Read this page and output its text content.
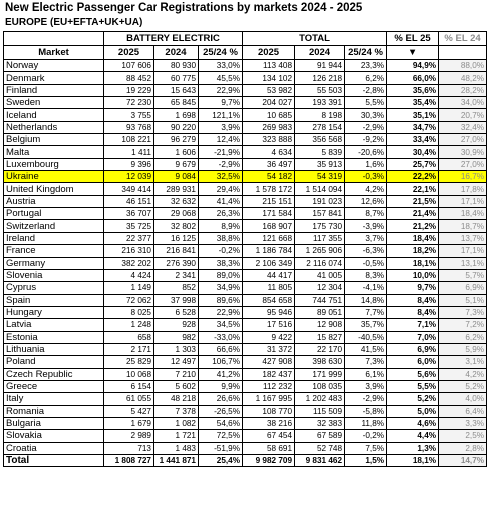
New Electric Passenger Car Registrations by markets 2024 - 2025
EUROPE (EU+EFTA+UK+UA)
	BATTERY ELECTRIC			TOTAL			% EL 25	% EL 24
Market	2025	2024	25/24 %	2025	2024	25/24 %	▼	
Norway	107 606	80 930	33,0%	113 408	91 944	23,3%	94,9%	88,0%
Denmark	88 452	60 775	45,5%	134 102	126 218	6,2%	66,0%	48,2%
Finland	19 229	15 643	22,9%	53 982	55 503	-2,8%	35,6%	28,2%
Sweden	72 230	65 845	9,7%	204 027	193 391	5,5%	35,4%	34,0%
Iceland	3 755	1 698	121,1%	10 685	8 198	30,3%	35,1%	20,7%
Netherlands	93 768	90 220	3,9%	269 983	278 154	-2,9%	34,7%	32,4%
Belgium	108 221	96 279	12,4%	323 888	356 568	-9,2%	33,4%	27,0%
Malta	1 411	1 606	-21,9%	4 634	5 839	-20,6%	30,4%	30,9%
Luxembourg	9 396	9 679	-2,9%	36 497	35 913	1,6%	25,7%	27,0%
Ukraine	12 039	9 084	32,5%	54 182	54 319	-0,3%	22,2%	16,7%
United Kingdom	349 414	289 931	29,4%	1 578 172	1 514 094	4,2%	22,1%	17,8%
Austria	46 151	32 632	41,4%	215 151	191 023	12,6%	21,5%	17,1%
Portugal	36 707	29 068	26,3%	171 584	157 841	8,7%	21,4%	18,4%
Switzerland	35 725	32 802	8,9%	168 907	175 730	-3,9%	21,2%	18,7%
Ireland	22 377	16 125	38,8%	121 668	117 355	3,7%	18,4%	13,7%
France	216 310	216 841	-0,2%	1 186 784	1 265 906	-6,3%	18,2%	17,1%
Germany	382 202	276 390	38,3%	2 106 349	2 116 074	-0,5%	18,1%	13,1%
Slovenia	4 424	2 341	89,0%	44 417	41 005	8,3%	10,0%	5,7%
Cyprus	1 149	852	34,9%	11 805	12 304	-4,1%	9,7%	6,9%
Spain	72 062	37 998	89,6%	854 658	744 751	14,8%	8,4%	5,1%
Hungary	8 025	6 528	22,9%	95 946	89 051	7,7%	8,4%	7,3%
Latvia	1 248	928	34,5%	17 516	12 908	35,7%	7,1%	7,2%
Estonia	658	982	-33,0%	9 422	15 827	-40,5%	7,0%	6,2%
Lithuania	2 171	1 303	66,6%	31 372	22 170	41,5%	6,9%	5,9%
Poland	25 829	12 497	106,7%	427 908	398 630	7,3%	6,0%	3,1%
Czech Republic	10 068	7 210	41,2%	182 437	171 999	6,1%	5,6%	4,2%
Greece	6 154	5 602	9,9%	112 232	108 035	3,9%	5,5%	5,2%
Italy	61 055	48 218	26,6%	1 167 995	1 202 483	-2,9%	5,2%	4,0%
Romania	5 427	7 378	-26,5%	108 770	115 509	-5,8%	5,0%	6,4%
Bulgaria	1 679	1 082	54,6%	38 216	32 383	11,8%	4,6%	3,3%
Slovakia	2 989	1 721	72,5%	67 454	67 589	-0,2%	4,4%	2,5%
Croatia	713	1 483	-51,9%	58 691	52 748	7,5%	1,3%	2,8%
Total	1 808 727	1 441 871	25,4%	9 982 709	9 831 462	1,5%	18,1%	14,7%
